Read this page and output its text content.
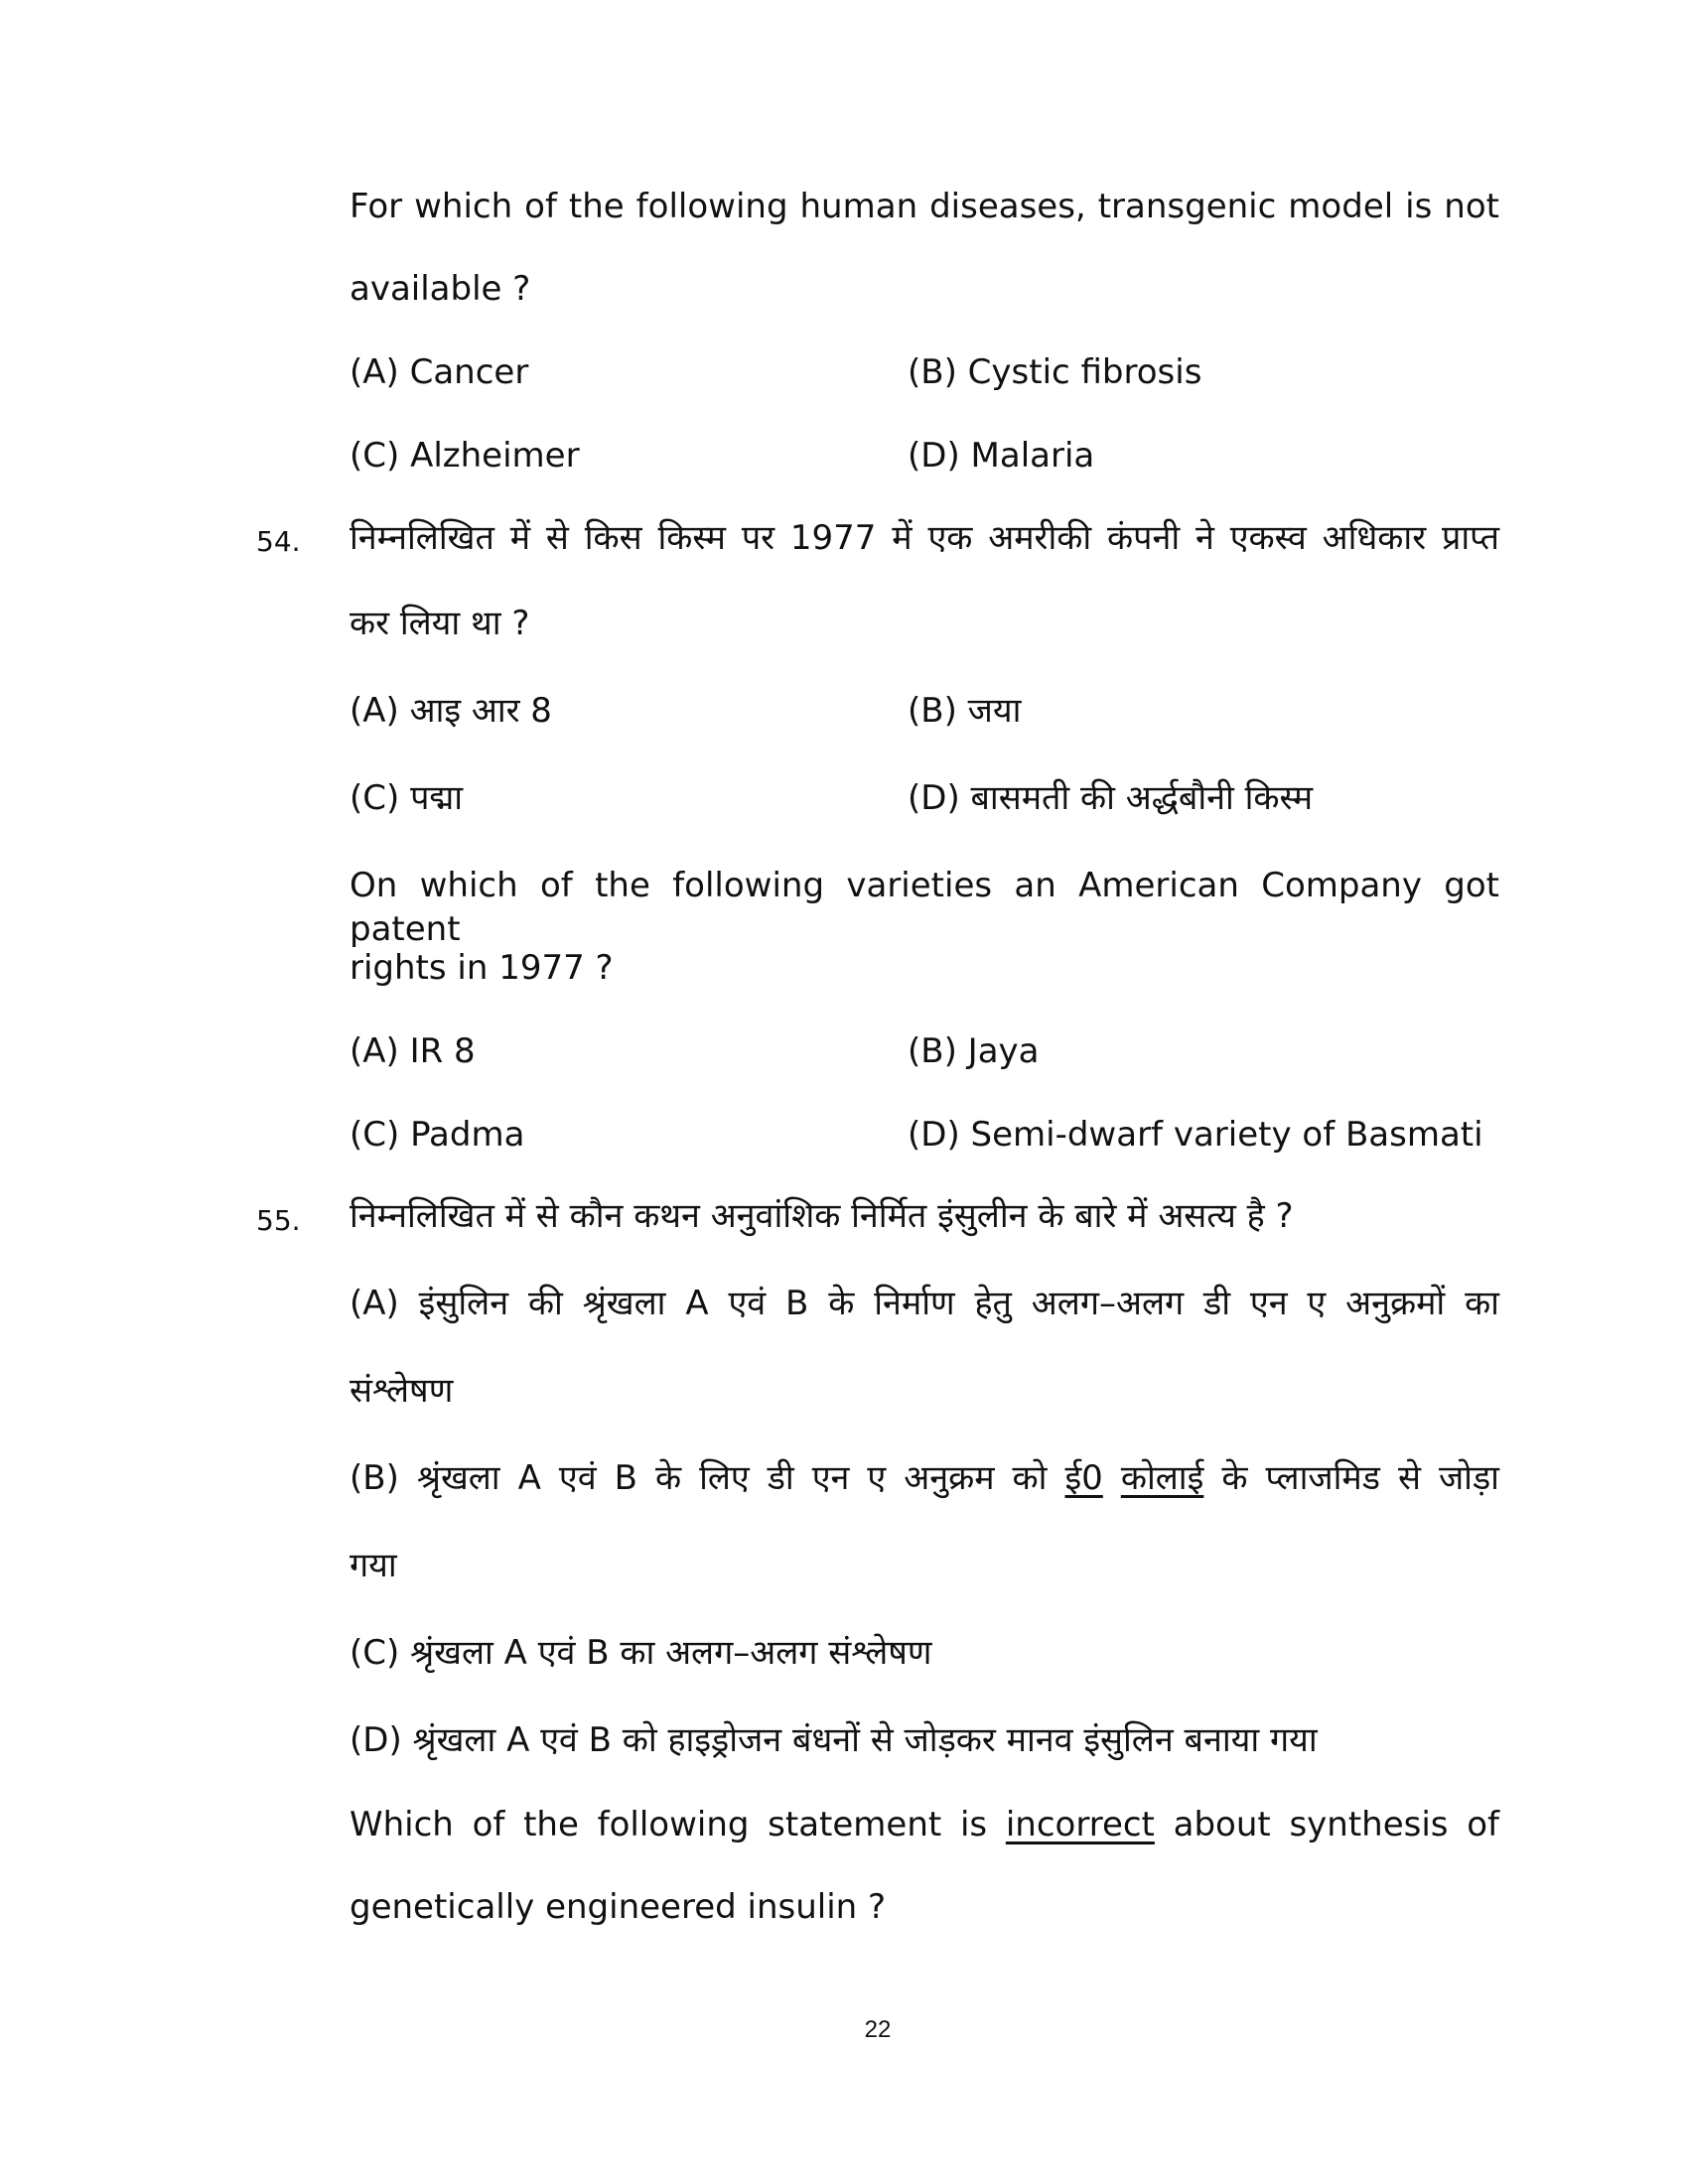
For which of the following human diseases, transgenic model is not
available ?
(A) Cancer	(B) Cystic fibrosis
(C) Alzheimer	(D) Malaria
54. निम्नलिखित में से किस किस्म पर 1977 में एक अमरीकी कंपनी ने एकस्व अधिकार प्राप्त
कर लिया था ?
(A) आइ आर 8	(B) जया
(C) पद्मा	(D) बासमती की अर्द्धबौनी किस्म
On which of the following varieties an American Company got patent
rights in 1977 ?
(A) IR 8	(B) Jaya
(C) Padma	(D) Semi-dwarf variety of Basmati
55. निम्नलिखित में से कौन कथन अनुवांशिक निर्मित इंसुलीन के बारे में असत्य है ?
(A) इंसुलिन की श्रृंखला A एवं B के निर्माण हेतु अलग–अलग डी एन ए अनुक्रमों का
संश्लेषण
(B) श्रृंखला A एवं B के लिए डी एन ए अनुक्रम को ई0 कोलाई के प्लाजमिड से जोड़ा
गया
(C) श्रृंखला A एवं B का अलग–अलग संश्लेषण
(D) श्रृंखला A एवं B को हाइड्रोजन बंधनों से जोड़कर मानव इंसुलिन बनाया गया
Which of the following statement is incorrect about synthesis of
genetically engineered insulin ?
22
